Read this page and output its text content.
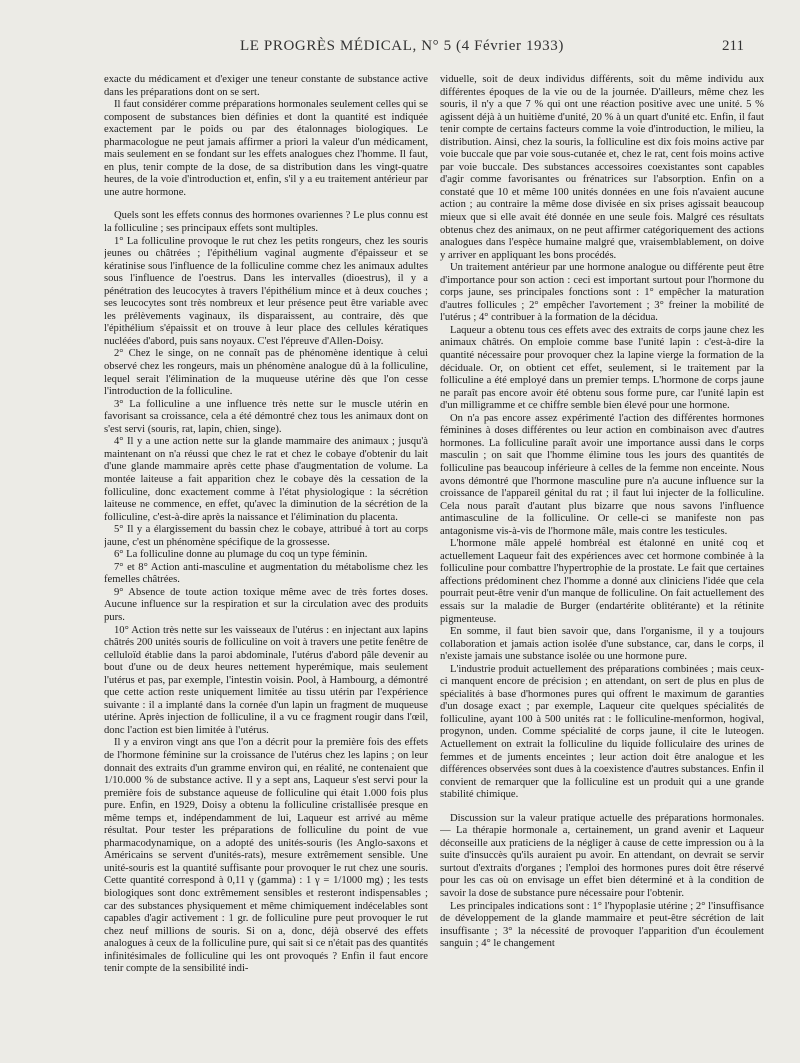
LE PROGRÈS MÉDICAL, N° 5 (4 Février 1933)	211

exacte du médicament et d'exiger une teneur constante de substance active dans les préparations dont on se sert.

Il faut considérer comme préparations hormonales seulement celles qui se composent de substances bien définies et dont la quantité est indiquée exactement par le poids ou par des étalonnages biologiques. Le pharmacologue ne peut jamais affirmer a priori la valeur d'un médicament, mais seulement en se fondant sur les effets analogues chez l'homme. Il faut, en plus, tenir compte de la dose, de sa distribution dans les vingt-quatre heures, de la voie d'introduction et, enfin, s'il y a eu traitement antérieur par une autre hormone.

Quels sont les effets connus des hormones ovariennes ? Le plus connu est la folliculine ; ses principaux effets sont multiples.

1° La folliculine provoque le rut chez les petits rongeurs, chez les souris jeunes ou châtrées ; l'épithélium vaginal augmente d'épaisseur et se kératinise sous l'influence de la folliculine comme chez les animaux adultes sous l'influence de l'oestrus. Dans les intervalles (dioestrus), il y a pénétration des leucocytes à travers l'épithélium mince et à deux couches ; ses leucocytes sont très nombreux et leur présence peut être variable avec les prélèvements vaginaux, ils disparaissent, au contraire, dès que l'épithélium s'épaissit et on trouve à leur place des cellules kératiques nucléées d'abord, puis sans noyaux. C'est l'épreuve d'Allen-Doisy.

2° Chez le singe, on ne connaît pas de phénomène identique à celui observé chez les rongeurs, mais un phénomène analogue dû à la folliculine, lequel serait l'élimination de la muqueuse utérine dès que l'on cesse l'introduction de la folliculine.

3° La folliculine a une influence très nette sur le muscle utérin en favorisant sa croissance, cela a été démontré chez tous les animaux dont on s'est servi (souris, rat, lapin, chien, singe).

4° Il y a une action nette sur la glande mammaire des animaux ; jusqu'à maintenant on n'a réussi que chez le rat et chez le cobaye d'obtenir du lait d'une glande mammaire après cette phase d'augmentation de volume. La montée laiteuse a fait apparition chez le cobaye dès la cessation de la folliculine, donc exactement comme à l'état physiologique : la sécrétion laiteuse ne commence, en effet, qu'avec la diminution de la sécrétion de la folliculine, c'est-à-dire après la naissance et l'élimination du placenta.

5° Il y a élargissement du bassin chez le cobaye, attribué à tort au corps jaune, c'est un phénomène spécifique de la grossesse.

6° La folliculine donne au plumage du coq un type féminin.

7° et 8° Action anti-masculine et augmentation du métabolisme chez les femelles châtrées.

9° Absence de toute action toxique même avec de très fortes doses. Aucune influence sur la respiration et sur la circulation avec des produits purs.

10° Action très nette sur les vaisseaux de l'utérus : en injectant aux lapins châtrés 200 unités souris de folliculine on voit à travers une petite fenêtre de celluloïd établie dans la paroi abdominale, l'utérus d'abord pâle devenir au bout d'une ou de deux heures nettement hyperémique, mais seulement l'utérus et pas, par exemple, l'intestin voisin. Pool, à Hambourg, a démontré que cette action reste uniquement limitée au tissu utérin par l'expérience suivante : il a implanté dans la cornée d'un lapin un fragment de muqueuse utérine. Après injection de folliculine, il a vu ce fragment rougir dans l'œil, donc l'action est bien limitée à l'utérus.

Il y a environ vingt ans que l'on a décrit pour la première fois des effets de l'hormone féminine sur la croissance de l'utérus chez les lapins ; on leur donnait des extraits d'un gramme environ qui, en réalité, ne contenaient que 1/10.000 % de substance active. Il y a sept ans, Laqueur s'est servi pour la première fois de substance aqueuse de folliculine qui était 1.000 fois plus pure. Enfin, en 1929, Doisy a obtenu la folliculine cristallisée presque en même temps et, indépendamment de lui, Laqueur est arrivé au même résultat. Pour tester les préparations de folliculine du point de vue pharmacodynamique, on a adopté des unités-souris (les Anglo-saxons et Américains se servent d'unités-rats), mesure extrêmement sensible. Une unité-souris est la quantité suffisante pour provoquer le rut chez une souris. Cette quantité correspond à 0,11 γ (gamma) : 1 γ = 1/1000 mg) ; les tests biologiques sont donc extrêmement sensibles et resteront indispensables ; car des substances physiquement et même chimiquement indécelables sont capables d'agir activement : 1 gr. de folliculine pure peut provoquer le rut chez neuf millions de souris. Si on a, donc, déjà observé des effets analogues à ceux de la folliculine pure, qui sait si ce n'était pas des quantités infinitésimales de folliculine qui les ont provoqués ? Enfin il faut encore tenir compte de la sensibilité indi-

viduelle, soit de deux individus différents, soit du même individu aux différentes époques de la vie ou de la journée. D'ailleurs, même chez les souris, il n'y a que 7 % qui ont une réaction positive avec une unité. 5 % agissent déjà à un huitième d'unité, 20 % à un quart d'unité etc. Enfin, il faut tenir compte de certains facteurs comme la voie d'introduction, le milieu, la distribution. Ainsi, chez la souris, la folliculine est dix fois moins active par voie buccale que par voie sous-cutanée et, chez le rat, cent fois moins active par voie buccale. Des substances accessoires coexistantes sont capables d'agir comme favorisantes ou frénatrices sur l'absorption. Enfin on a constaté que 10 et même 100 unités données en une fois n'avaient aucune action ; au contraire la même dose divisée en six prises agissait beaucoup mieux que si elle avait été donnée en une seule fois. Malgré ces résultats obtenus chez des animaux, on ne peut affirmer catégoriquement des actions analogues dans l'espèce humaine malgré que, vraisemblablement, on doive y arriver en appliquant les bons procédés.

Un traitement antérieur par une hormone analogue ou différente peut être d'importance pour son action : ceci est important surtout pour l'hormone du corps jaune, ses principales fonctions sont : 1° empêcher la maturation d'autres follicules ; 2° empêcher l'avortement ; 3° freiner la mobilité de l'utérus ; 4° contribuer à la formation de la décidua.

Laqueur a obtenu tous ces effets avec des extraits de corps jaune chez les animaux châtrés. On emploie comme base l'unité lapin : c'est-à-dire la quantité nécessaire pour provoquer chez la lapine vierge la formation de la déciduale. Or, on obtient cet effet, seulement, si le traitement par la folliculine a été employé dans un premier temps. L'hormone de corps jaune ne paraît pas encore avoir été obtenu sous forme pure, car l'unité lapin est d'un milligramme et ce chiffre semble bien élevé pour une hormone.

On n'a pas encore assez expérimenté l'action des différentes hormones féminines à doses différentes ou leur action en combinaison avec d'autres hormones. La folliculine paraît avoir une importance aussi dans le corps masculin ; on sait que l'homme élimine tous les jours des quantités de folliculine pas beaucoup inférieure à celles de la femme non enceinte. Nous avons démontré que l'hormone masculine pure n'a aucune influence sur la croissance de l'appareil génital du rat ; il faut lui injecter de la folliculine. Cela nous paraît d'autant plus bizarre que nous savons l'influence antimasculine de la folliculine. Or celle-ci se manifeste non pas antagonisme vis-à-vis de l'hormone mâle, mais contre les testicules.

L'hormone mâle appelé hombréal est étalonné en unité coq et actuellement Laqueur fait des expériences avec cet hormone combinée à la folliculine pour combattre l'hypertrophie de la prostate. Le fait que certaines affections prédominent chez l'homme a donné aux cliniciens l'idée que cela pourrait peut-être venir d'un manque de folliculine. On fait actuellement des essais sur la maladie de Burger (endartérite oblitérante) et la rétinite pigmenteuse.

En somme, il faut bien savoir que, dans l'organisme, il y a toujours collaboration et jamais action isolée d'une substance, car, dans le corps, il n'existe jamais une substance isolée ou une hormone pure.

L'industrie produit actuellement des préparations combinées ; mais ceux-ci manquent encore de précision ; en attendant, on sert de plus en plus de spécialités à base d'hormones pures qui offrent le maximum de garanties d'un dosage exact ; par exemple, Laqueur cite quelques spécialités de folliculine, ayant 100 à 500 unités rat : le folliculine-menformon, hogival, progynon, unden. Comme spécialité de corps jaune, il cite le luteogen. Actuellement on extrait la folliculine du liquide folliculaire des urines de femmes et de juments enceintes ; leur action doit être analogue et les différences observées sont dues à la coexistence d'autres substances. Enfin il convient de remarquer que la folliculine est un produit qui a une grande stabilité chimique.

Discussion sur la valeur pratique actuelle des préparations hormonales. — La thérapie hormonale a, certainement, un grand avenir et Laqueur déconseille aux praticiens de la négliger à cause de cette impression ou à la suite d'insuccès qu'ils auraient pu avoir. En attendant, on devrait se servir surtout d'extraits d'organes ; l'emploi des hormones pures doit être réservé pour les cas où on envisage un effet bien déterminé et à la condition de savoir la dose de substance pure nécessaire pour l'obtenir.

Les principales indications sont : 1° l'hypoplasie utérine ; 2° l'insuffisance de développement de la glande mammaire et peut-être sécrétion de lait insuffisante ; 3° la nécessité de provoquer l'apparition d'un écoulement sanguin ; 4° le changement
